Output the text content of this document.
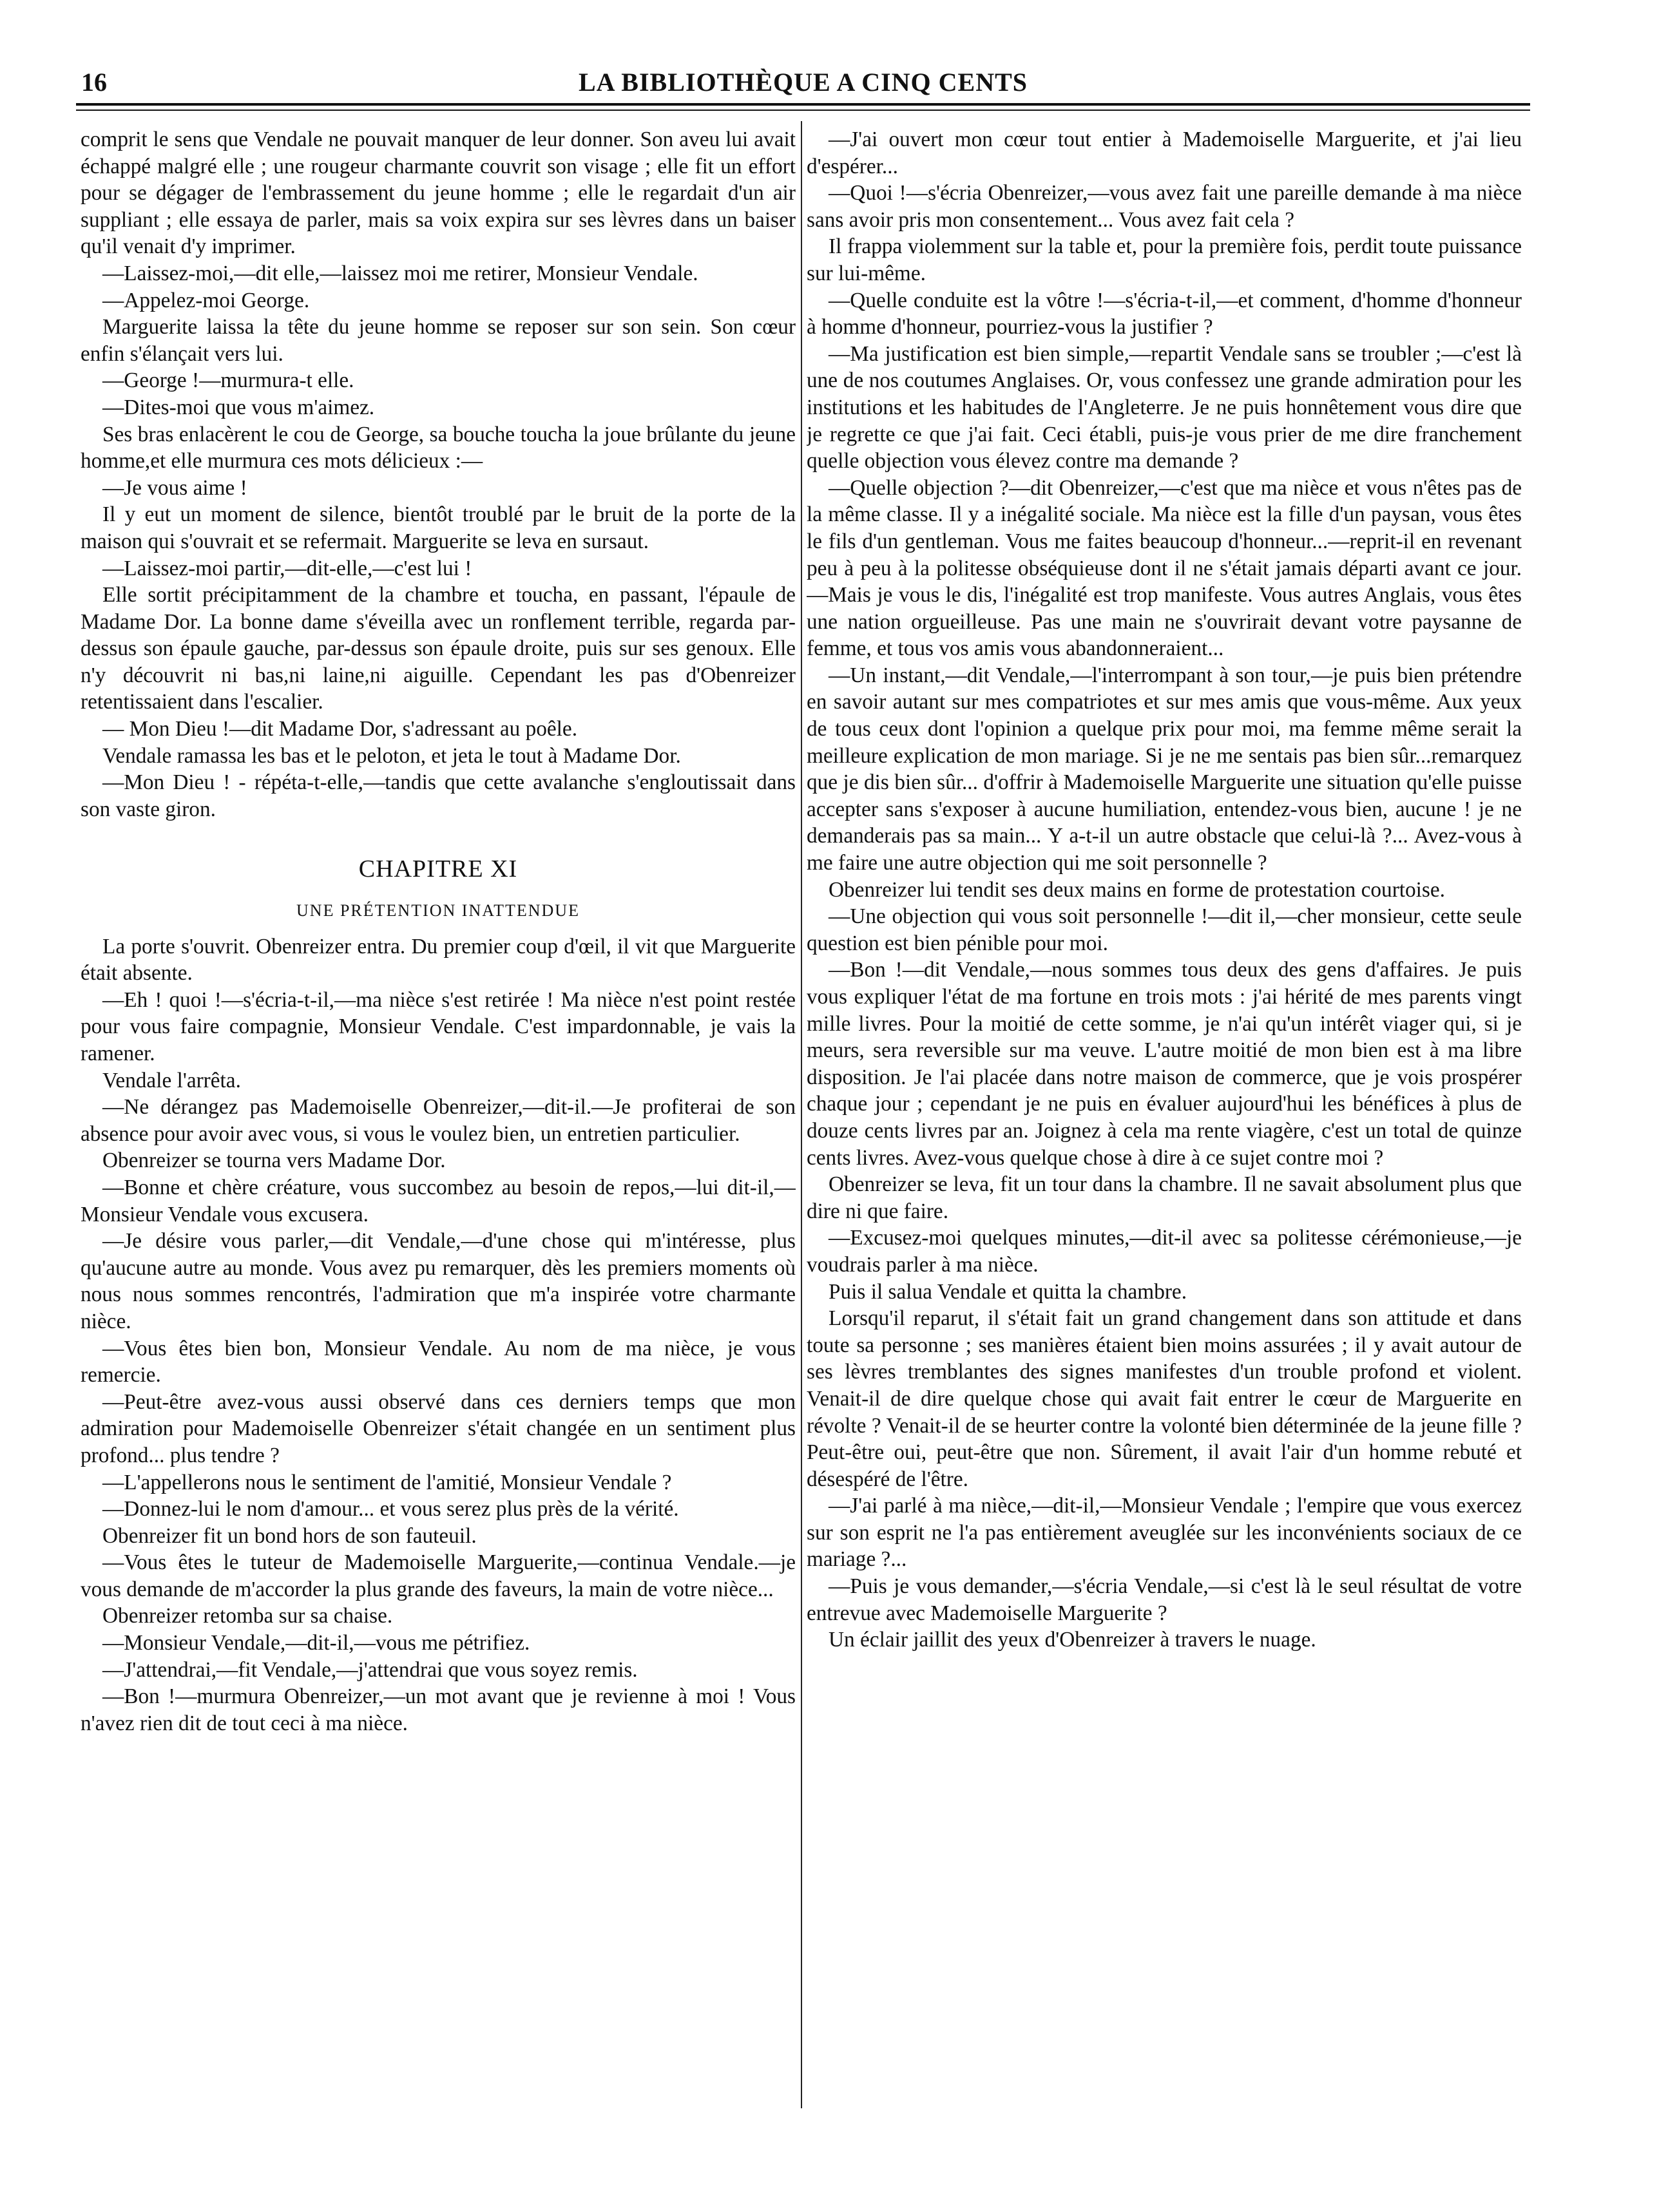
16	LA BIBLIOTHÈQUE A CINQ CENTS

comprit le sens que Vendale ne pouvait manquer de leur donner. Son aveu lui avait échappé malgré elle ; une rougeur charmante couvrit son visage ; elle fit un effort pour se dégager de l'embrassement du jeune homme ; elle le regardait d'un air suppliant ; elle essaya de parler, mais sa voix expira sur ses lèvres dans un baiser qu'il venait d'y imprimer.

—Laissez-moi,—dit elle,—laissez moi me retirer, Monsieur Vendale.

—Appelez-moi George.

Marguerite laissa la tête du jeune homme se reposer sur son sein. Son cœur enfin s'élançait vers lui.

—George !—murmura-t elle.

—Dites-moi que vous m'aimez.

Ses bras enlacèrent le cou de George, sa bouche toucha la joue brûlante du jeune homme,et elle murmura ces mots délicieux :—

—Je vous aime !

Il y eut un moment de silence, bientôt troublé par le bruit de la porte de la maison qui s'ouvrait et se refermait. Marguerite se leva en sursaut.

—Laissez-moi partir,—dit-elle,—c'est lui !

Elle sortit précipitamment de la chambre et toucha, en passant, l'épaule de Madame Dor. La bonne dame s'éveilla avec un ronflement terrible, regarda par-dessus son épaule gauche, par-dessus son épaule droite, puis sur ses genoux. Elle n'y découvrit ni bas,ni laine,ni aiguille. Cependant les pas d'Obenreizer retentissaient dans l'escalier.

— Mon Dieu !—dit Madame Dor, s'adressant au poêle.

Vendale ramassa les bas et le peloton, et jeta le tout à Madame Dor.

—Mon Dieu ! - répéta-t-elle,—tandis que cette avalanche s'engloutissait dans son vaste giron.

CHAPITRE XI
UNE PRÉTENTION INATTENDUE

La porte s'ouvrit. Obenreizer entra. Du premier coup d'œil, il vit que Marguerite était absente.

—Eh ! quoi !—s'écria-t-il,—ma nièce s'est retirée ! Ma nièce n'est point restée pour vous faire compagnie, Monsieur Vendale. C'est impardonnable, je vais la ramener.

Vendale l'arrêta.

—Ne dérangez pas Mademoiselle Obenreizer,—dit-il.—Je profiterai de son absence pour avoir avec vous, si vous le voulez bien, un entretien particulier.

Obenreizer se tourna vers Madame Dor.

—Bonne et chère créature, vous succombez au besoin de repos,—lui dit-il,—Monsieur Vendale vous excusera.

—Je désire vous parler,—dit Vendale,—d'une chose qui m'intéresse, plus qu'aucune autre au monde. Vous avez pu remarquer, dès les premiers moments où nous nous sommes rencontrés, l'admiration que m'a inspirée votre charmante nièce.

—Vous êtes bien bon, Monsieur Vendale. Au nom de ma nièce, je vous remercie.

—Peut-être avez-vous aussi observé dans ces derniers temps que mon admiration pour Mademoiselle Obenreizer s'était changée en un sentiment plus profond... plus tendre ?

—L'appellerons nous le sentiment de l'amitié, Monsieur Vendale ?

—Donnez-lui le nom d'amour... et vous serez plus près de la vérité.

Obenreizer fit un bond hors de son fauteuil.

—Vous êtes le tuteur de Mademoiselle Marguerite,—continua Vendale.—je vous demande de m'accorder la plus grande des faveurs, la main de votre nièce...

Obenreizer retomba sur sa chaise.

—Monsieur Vendale,—dit-il,—vous me pétrifiez.

—J'attendrai,—fit Vendale,—j'attendrai que vous soyez remis.

—Bon !—murmura Obenreizer,—un mot avant que je revienne à moi ! Vous n'avez rien dit de tout ceci à ma nièce.

—J'ai ouvert mon cœur tout entier à Mademoiselle Marguerite, et j'ai lieu d'espérer...

—Quoi !—s'écria Obenreizer,—vous avez fait une pareille demande à ma nièce sans avoir pris mon consentement... Vous avez fait cela ?

Il frappa violemment sur la table et, pour la première fois, perdit toute puissance sur lui-même.

—Quelle conduite est la vôtre !—s'écria-t-il,—et comment, d'homme d'honneur à homme d'honneur, pourriez-vous la justifier ?

—Ma justification est bien simple,—repartit Vendale sans se troubler ;—c'est là une de nos coutumes Anglaises. Or, vous confessez une grande admiration pour les institutions et les habitudes de l'Angleterre. Je ne puis honnêtement vous dire que je regrette ce que j'ai fait. Ceci établi, puis-je vous prier de me dire franchement quelle objection vous élevez contre ma demande ?

—Quelle objection ?—dit Obenreizer,—c'est que ma nièce et vous n'êtes pas de la même classe. Il y a inégalité sociale. Ma nièce est la fille d'un paysan, vous êtes le fils d'un gentleman. Vous me faites beaucoup d'honneur...—reprit-il en revenant peu à peu à la politesse obséquieuse dont il ne s'était jamais départi avant ce jour.—Mais je vous le dis, l'inégalité est trop manifeste. Vous autres Anglais, vous êtes une nation orgueilleuse. Pas une main ne s'ouvrirait devant votre paysanne de femme, et tous vos amis vous abandonneraient...

—Un instant,—dit Vendale,—l'interrompant à son tour,—je puis bien prétendre en savoir autant sur mes compatriotes et sur mes amis que vous-même. Aux yeux de tous ceux dont l'opinion a quelque prix pour moi, ma femme même serait la meilleure explication de mon mariage. Si je ne me sentais pas bien sûr...remarquez que je dis bien sûr... d'offrir à Mademoiselle Marguerite une situation qu'elle puisse accepter sans s'exposer à aucune humiliation, entendez-vous bien, aucune ! je ne demanderais pas sa main... Y a-t-il un autre obstacle que celui-là ?... Avez-vous à me faire une autre objection qui me soit personnelle ?

Obenreizer lui tendit ses deux mains en forme de protestation courtoise.

—Une objection qui vous soit personnelle !—dit il,—cher monsieur, cette seule question est bien pénible pour moi.

—Bon !—dit Vendale,—nous sommes tous deux des gens d'affaires. Je puis vous expliquer l'état de ma fortune en trois mots : j'ai hérité de mes parents vingt mille livres. Pour la moitié de cette somme, je n'ai qu'un intérêt viager qui, si je meurs, sera reversible sur ma veuve. L'autre moitié de mon bien est à ma libre disposition. Je l'ai placée dans notre maison de commerce, que je vois prospérer chaque jour ; cependant je ne puis en évaluer aujourd'hui les bénéfices à plus de douze cents livres par an. Joignez à cela ma rente viagère, c'est un total de quinze cents livres. Avez-vous quelque chose à dire à ce sujet contre moi ?

Obenreizer se leva, fit un tour dans la chambre. Il ne savait absolument plus que dire ni que faire.

—Excusez-moi quelques minutes,—dit-il avec sa politesse cérémonieuse,—je voudrais parler à ma nièce.

Puis il salua Vendale et quitta la chambre.

Lorsqu'il reparut, il s'était fait un grand changement dans son attitude et dans toute sa personne ; ses manières étaient bien moins assurées ; il y avait autour de ses lèvres tremblantes des signes manifestes d'un trouble profond et violent. Venait-il de dire quelque chose qui avait fait entrer le cœur de Marguerite en révolte ? Venait-il de se heurter contre la volonté bien déterminée de la jeune fille ? Peut-être oui, peut-être que non. Sûrement, il avait l'air d'un homme rebuté et désespéré de l'être.

—J'ai parlé à ma nièce,—dit-il,—Monsieur Vendale ; l'empire que vous exercez sur son esprit ne l'a pas entièrement aveuglée sur les inconvénients sociaux de ce mariage ?...

—Puis je vous demander,—s'écria Vendale,—si c'est là le seul résultat de votre entrevue avec Mademoiselle Marguerite ?

Un éclair jaillit des yeux d'Obenreizer à travers le nuage.
